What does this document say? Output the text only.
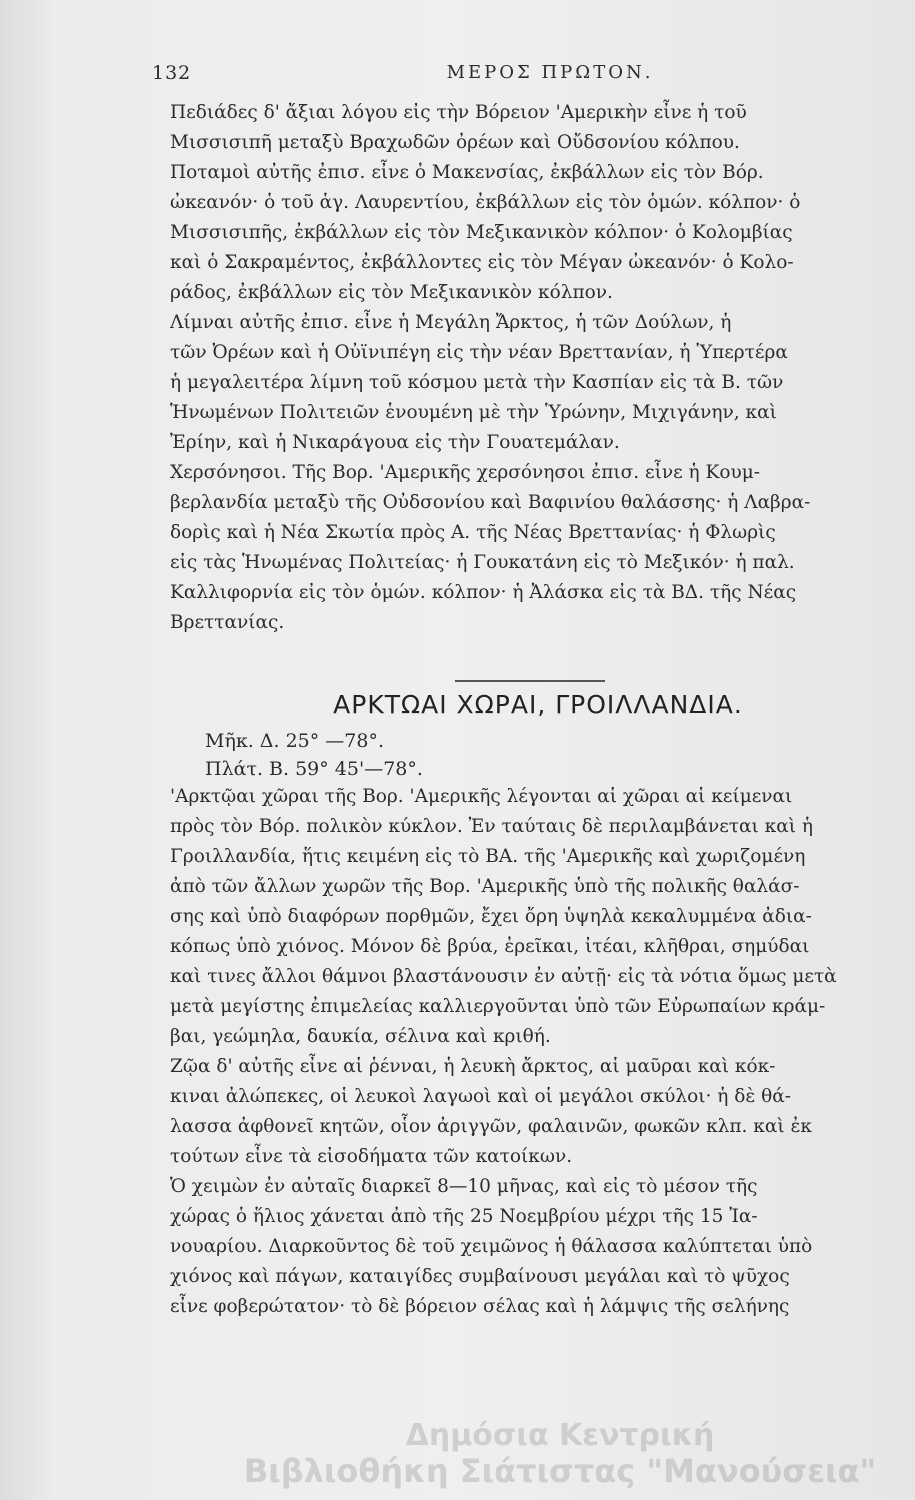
132	ΜΕΡΟΣ ΠΡΩΤΟΝ.
Πεδιάδες δ' ἄξιαι λόγου εἰς τὴν Βόρειον 'Αμερικὴν εἶνε ἡ τοῦ
Μισσισιπῆ μεταξὺ Βραχωδῶν ὀρέων καὶ Οὔδσονίου κόλπου.
Ποταμοὶ αὐτῆς ἐπισ. εἶνε ὁ Μακενσίας, ἐκβάλλων εἰς τὸν Βόρ.
ὠκεανόν· ὁ τοῦ ἁγ. Λαυρεντίου, ἐκβάλλων εἰς τὸν ὁμών. κόλπον· ὁ
Μισσισιπῆς, ἐκβάλλων εἰς τὸν Μεξικανικὸν κόλπον· ὁ Κολομβίας
καὶ ὁ Σακραμέντος, ἐκβάλλοντες εἰς τὸν Μέγαν ὠκεανόν· ὁ Κολο-
ράδος, ἐκβάλλων εἰς τὸν Μεξικανικὸν κόλπον.
Λίμναι αὐτῆς ἐπισ. εἶνε ἡ Μεγάλη Ἄρκτος, ἡ τῶν Δούλων, ἡ
τῶν Ὀρέων καὶ ἡ Οὐϊνιπέγη εἰς τὴν νέαν Βρεττανίαν, ἡ Ὑπερτέρα
ἡ μεγαλειτέρα λίμνη τοῦ κόσμου μετὰ τὴν Κασπίαν εἰς τὰ Β. τῶν
Ἡνωμένων Πολιτειῶν ἑνουμένη μὲ τὴν Ὑρώνην, Μιχιγάνην, καὶ
Ἐρίην, καὶ ἡ Νικαράγουα εἰς τὴν Γουατεμάλαν.
Χερσόνησοι. Τῆς Βορ. 'Αμερικῆς χερσόνησοι ἐπισ. εἶνε ἡ Κουμ-
βερλανδία μεταξὺ τῆς Οὐδσονίου καὶ Βαφινίου θαλάσσης· ἡ Λαβρα-
δορὶς καὶ ἡ Νέα Σκωτία πρὸς Α. τῆς Νέας Βρεττανίας· ἡ Φλωρὶς
εἰς τὰς Ἡνωμένας Πολιτείας· ἡ Γουκατάνη εἰς τὸ Μεξικόν· ἡ παλ.
Καλλιφορνία εἰς τὸν ὁμών. κόλπον· ἡ Ἀλάσκα εἰς τὰ ΒΔ. τῆς Νέας
Βρεττανίας.
ΑΡΚΤΩΑΙ ΧΩΡΑΙ, ΓΡΟΙΛΛΑΝΔΙΑ.
Μῆκ. Δ. 25° —78°.
Πλάτ. Β. 59° 45'—78°.
'Αρκτῷαι χῶραι τῆς Βορ. 'Αμερικῆς λέγονται αἱ χῶραι αἱ κείμεναι
πρὸς τὸν Βόρ. πολικὸν κύκλον. Ἐν ταύταις δὲ περιλαμβάνεται καὶ ἡ
Γροιλλανδία, ἥτις κειμένη εἰς τὸ ΒΑ. τῆς 'Αμερικῆς καὶ χωριζομένη
ἀπὸ τῶν ἄλλων χωρῶν τῆς Βορ. 'Αμερικῆς ὑπὸ τῆς πολικῆς θαλάσ-
σης καὶ ὑπὸ διαφόρων πορθμῶν, ἔχει ὄρη ὑψηλὰ κεκαλυμμένα ἀδια-
κόπως ὑπὸ χιόνος. Μόνον δὲ βρύα, ἐρεῖκαι, ἰτέαι, κλῆθραι, σημύδαι
καὶ τινες ἄλλοι θάμνοι βλαστάνουσιν ἐν αὐτῇ· εἰς τὰ νότια ὅμως μετὰ
μετὰ μεγίστης ἐπιμελείας καλλιεργοῦνται ὑπὸ τῶν Εὐρωπαίων κράμ-
βαι, γεώμηλα, δαυκία, σέλινα καὶ κριθή.
Ζῷα δ' αὐτῆς εἶνε αἱ ῥένναι, ἡ λευκὴ ἄρκτος, αἱ μαῦραι καὶ κόκ-
κιναι ἀλώπεκες, οἱ λευκοὶ λαγωοὶ καὶ οἱ μεγάλοι σκύλοι· ἡ δὲ θά-
λασσα ἀφθονεῖ κητῶν, οἷον ἀριγγῶν, φαλαινῶν, φωκῶν κλπ. καὶ ἐκ
τούτων εἶνε τὰ εἰσοδήματα τῶν κατοίκων.
Ὁ χειμὼν ἐν αὐταῖς διαρκεῖ 8—10 μῆνας, καὶ εἰς τὸ μέσον τῆς
χώρας ὁ ἥλιος χάνεται ἀπὸ τῆς 25 Νοεμβρίου μέχρι τῆς 15 Ἰα-
νουαρίου. Διαρκοῦντος δὲ τοῦ χειμῶνος ἡ θάλασσα καλύπτεται ὑπὸ
χιόνος καὶ πάγων, καταιγίδες συμβαίνουσι μεγάλαι καὶ τὸ ψῦχος
εἶνε φοβερώτατον· τὸ δὲ βόρειον σέλας καὶ ἡ λάμψις τῆς σελήνης
Δημόσια Κεντρική
Βιβλιοθήκη Σιάτιστας "Μανούσεια"
